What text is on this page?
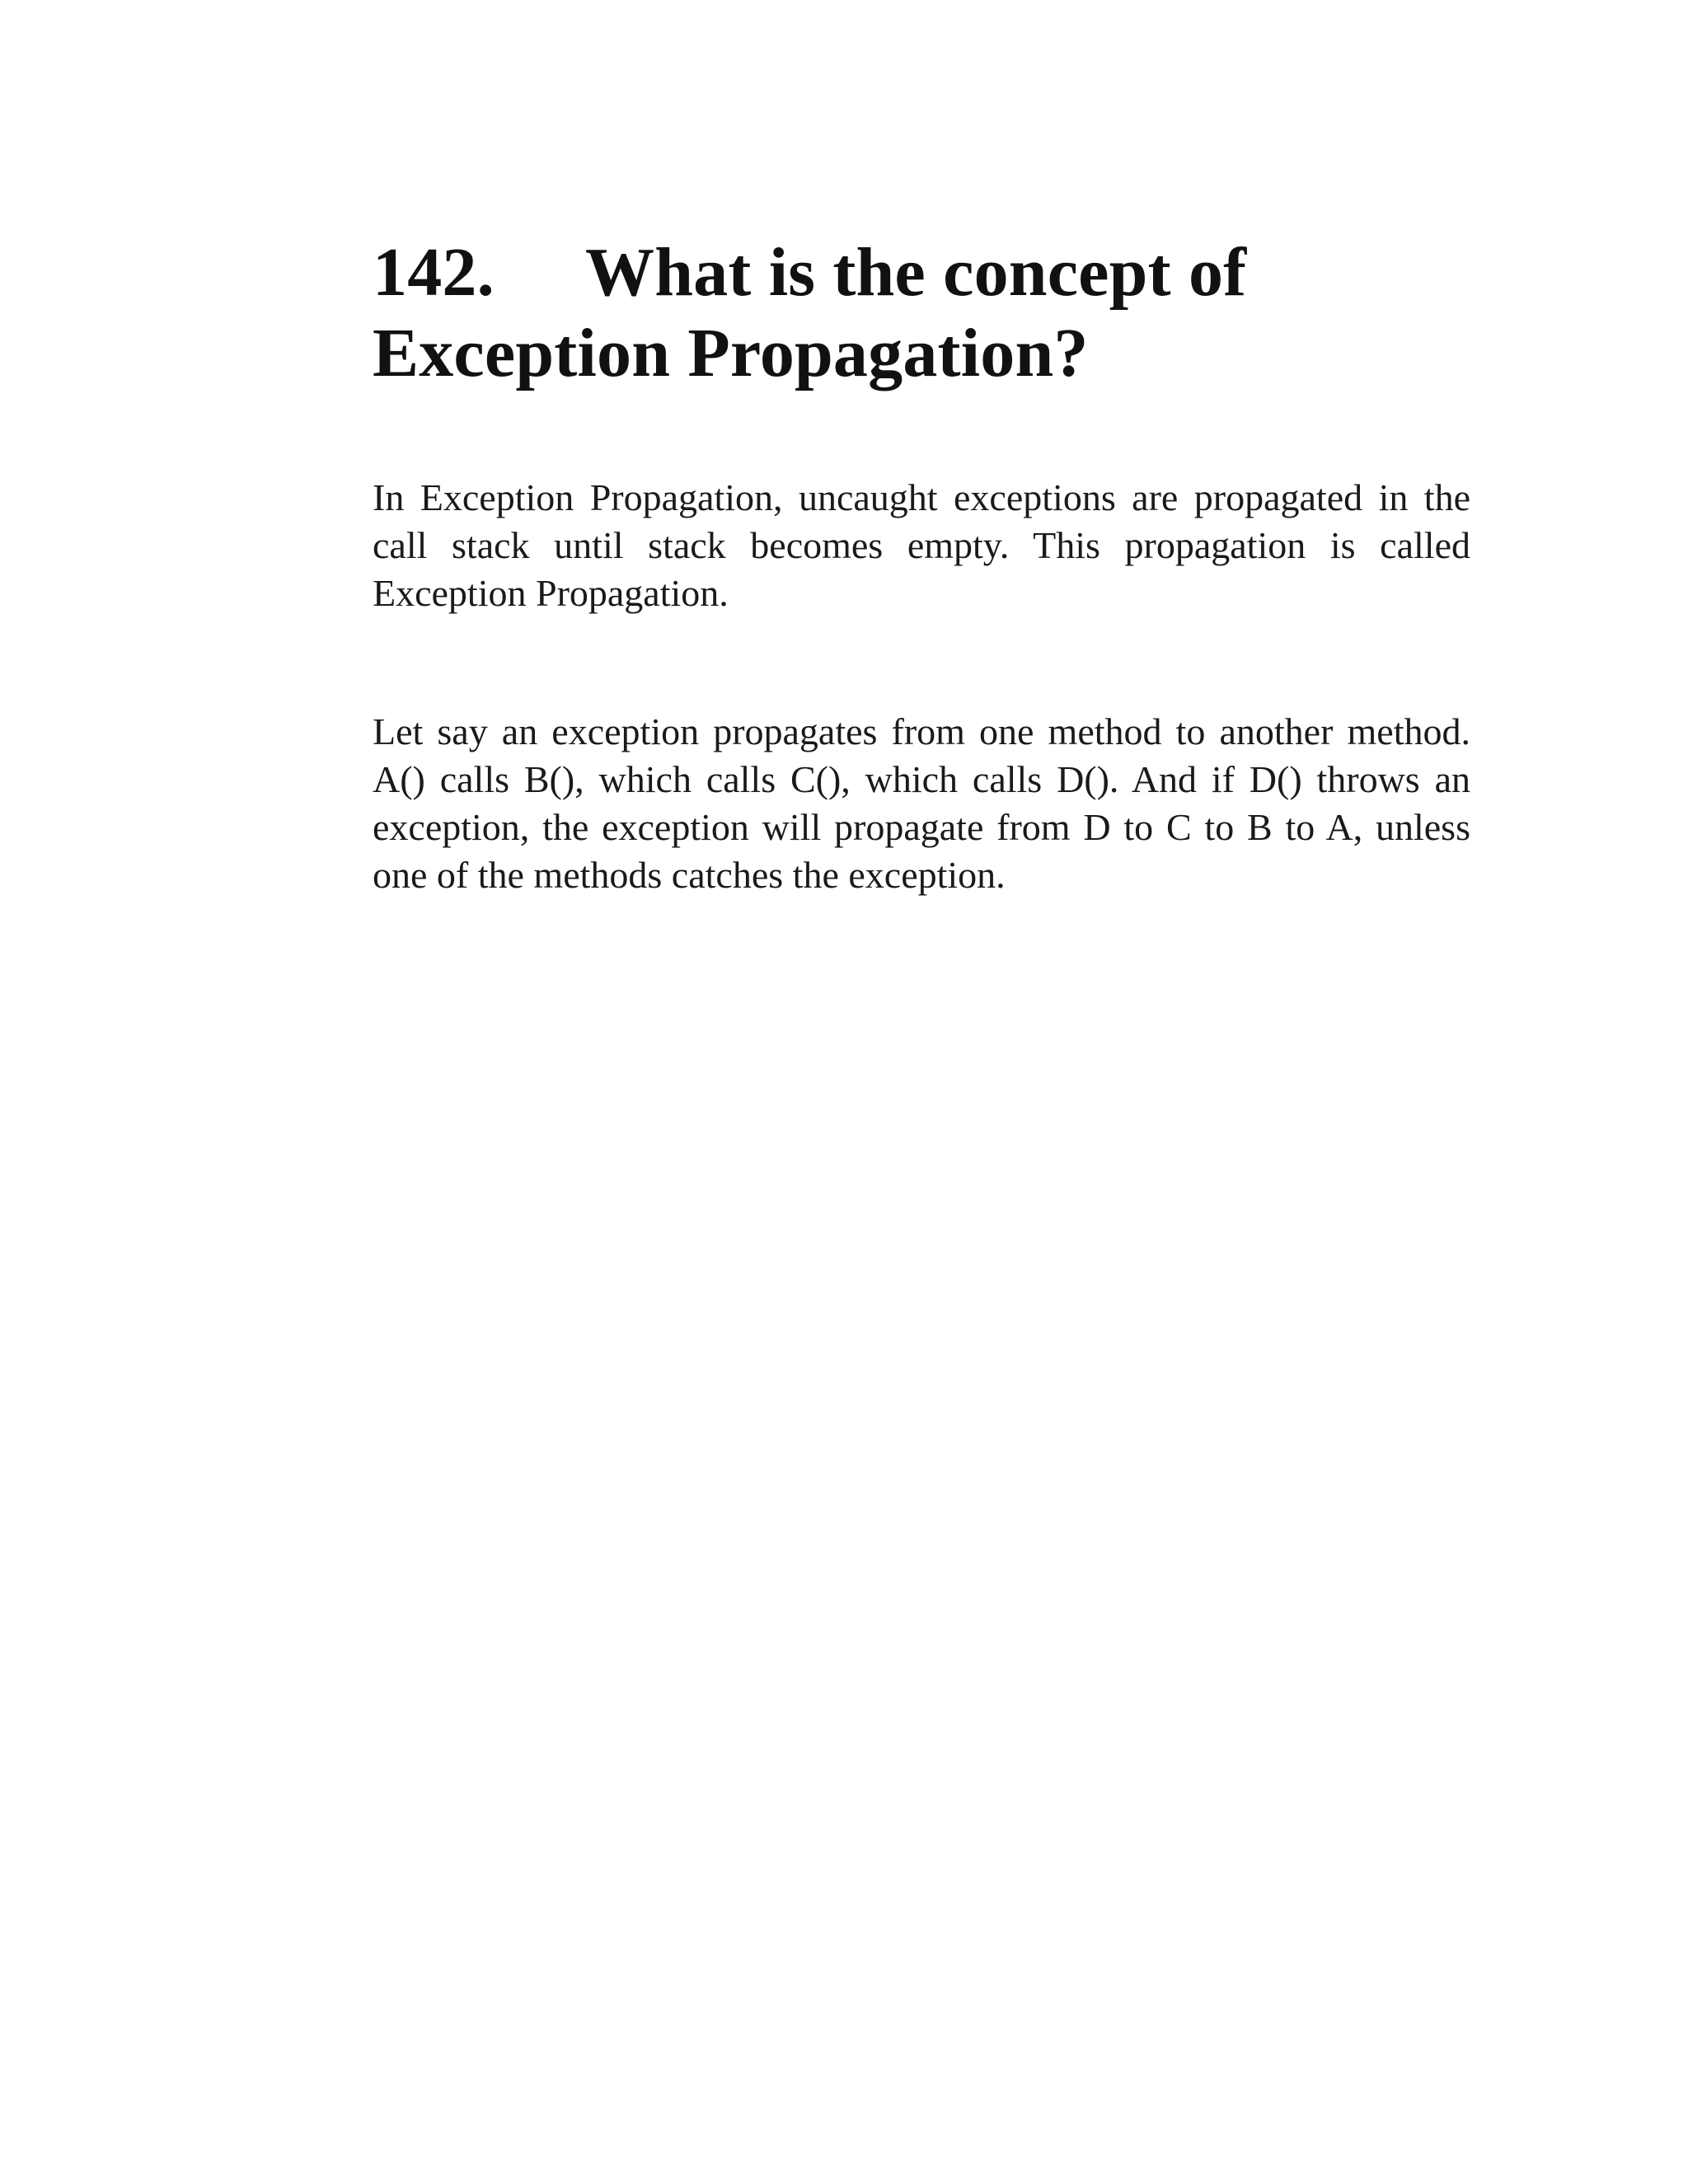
142. What is the concept of
Exception Propagation?

In Exception Propagation, uncaught exceptions are propagated in the call stack until stack becomes empty. This propagation is called Exception Propagation.

Let say an exception propagates from one method to another method. A() calls B(), which calls C(), which calls D(). And if D() throws an exception, the exception will propagate from D to C to B to A, unless one of the methods catches the exception.
